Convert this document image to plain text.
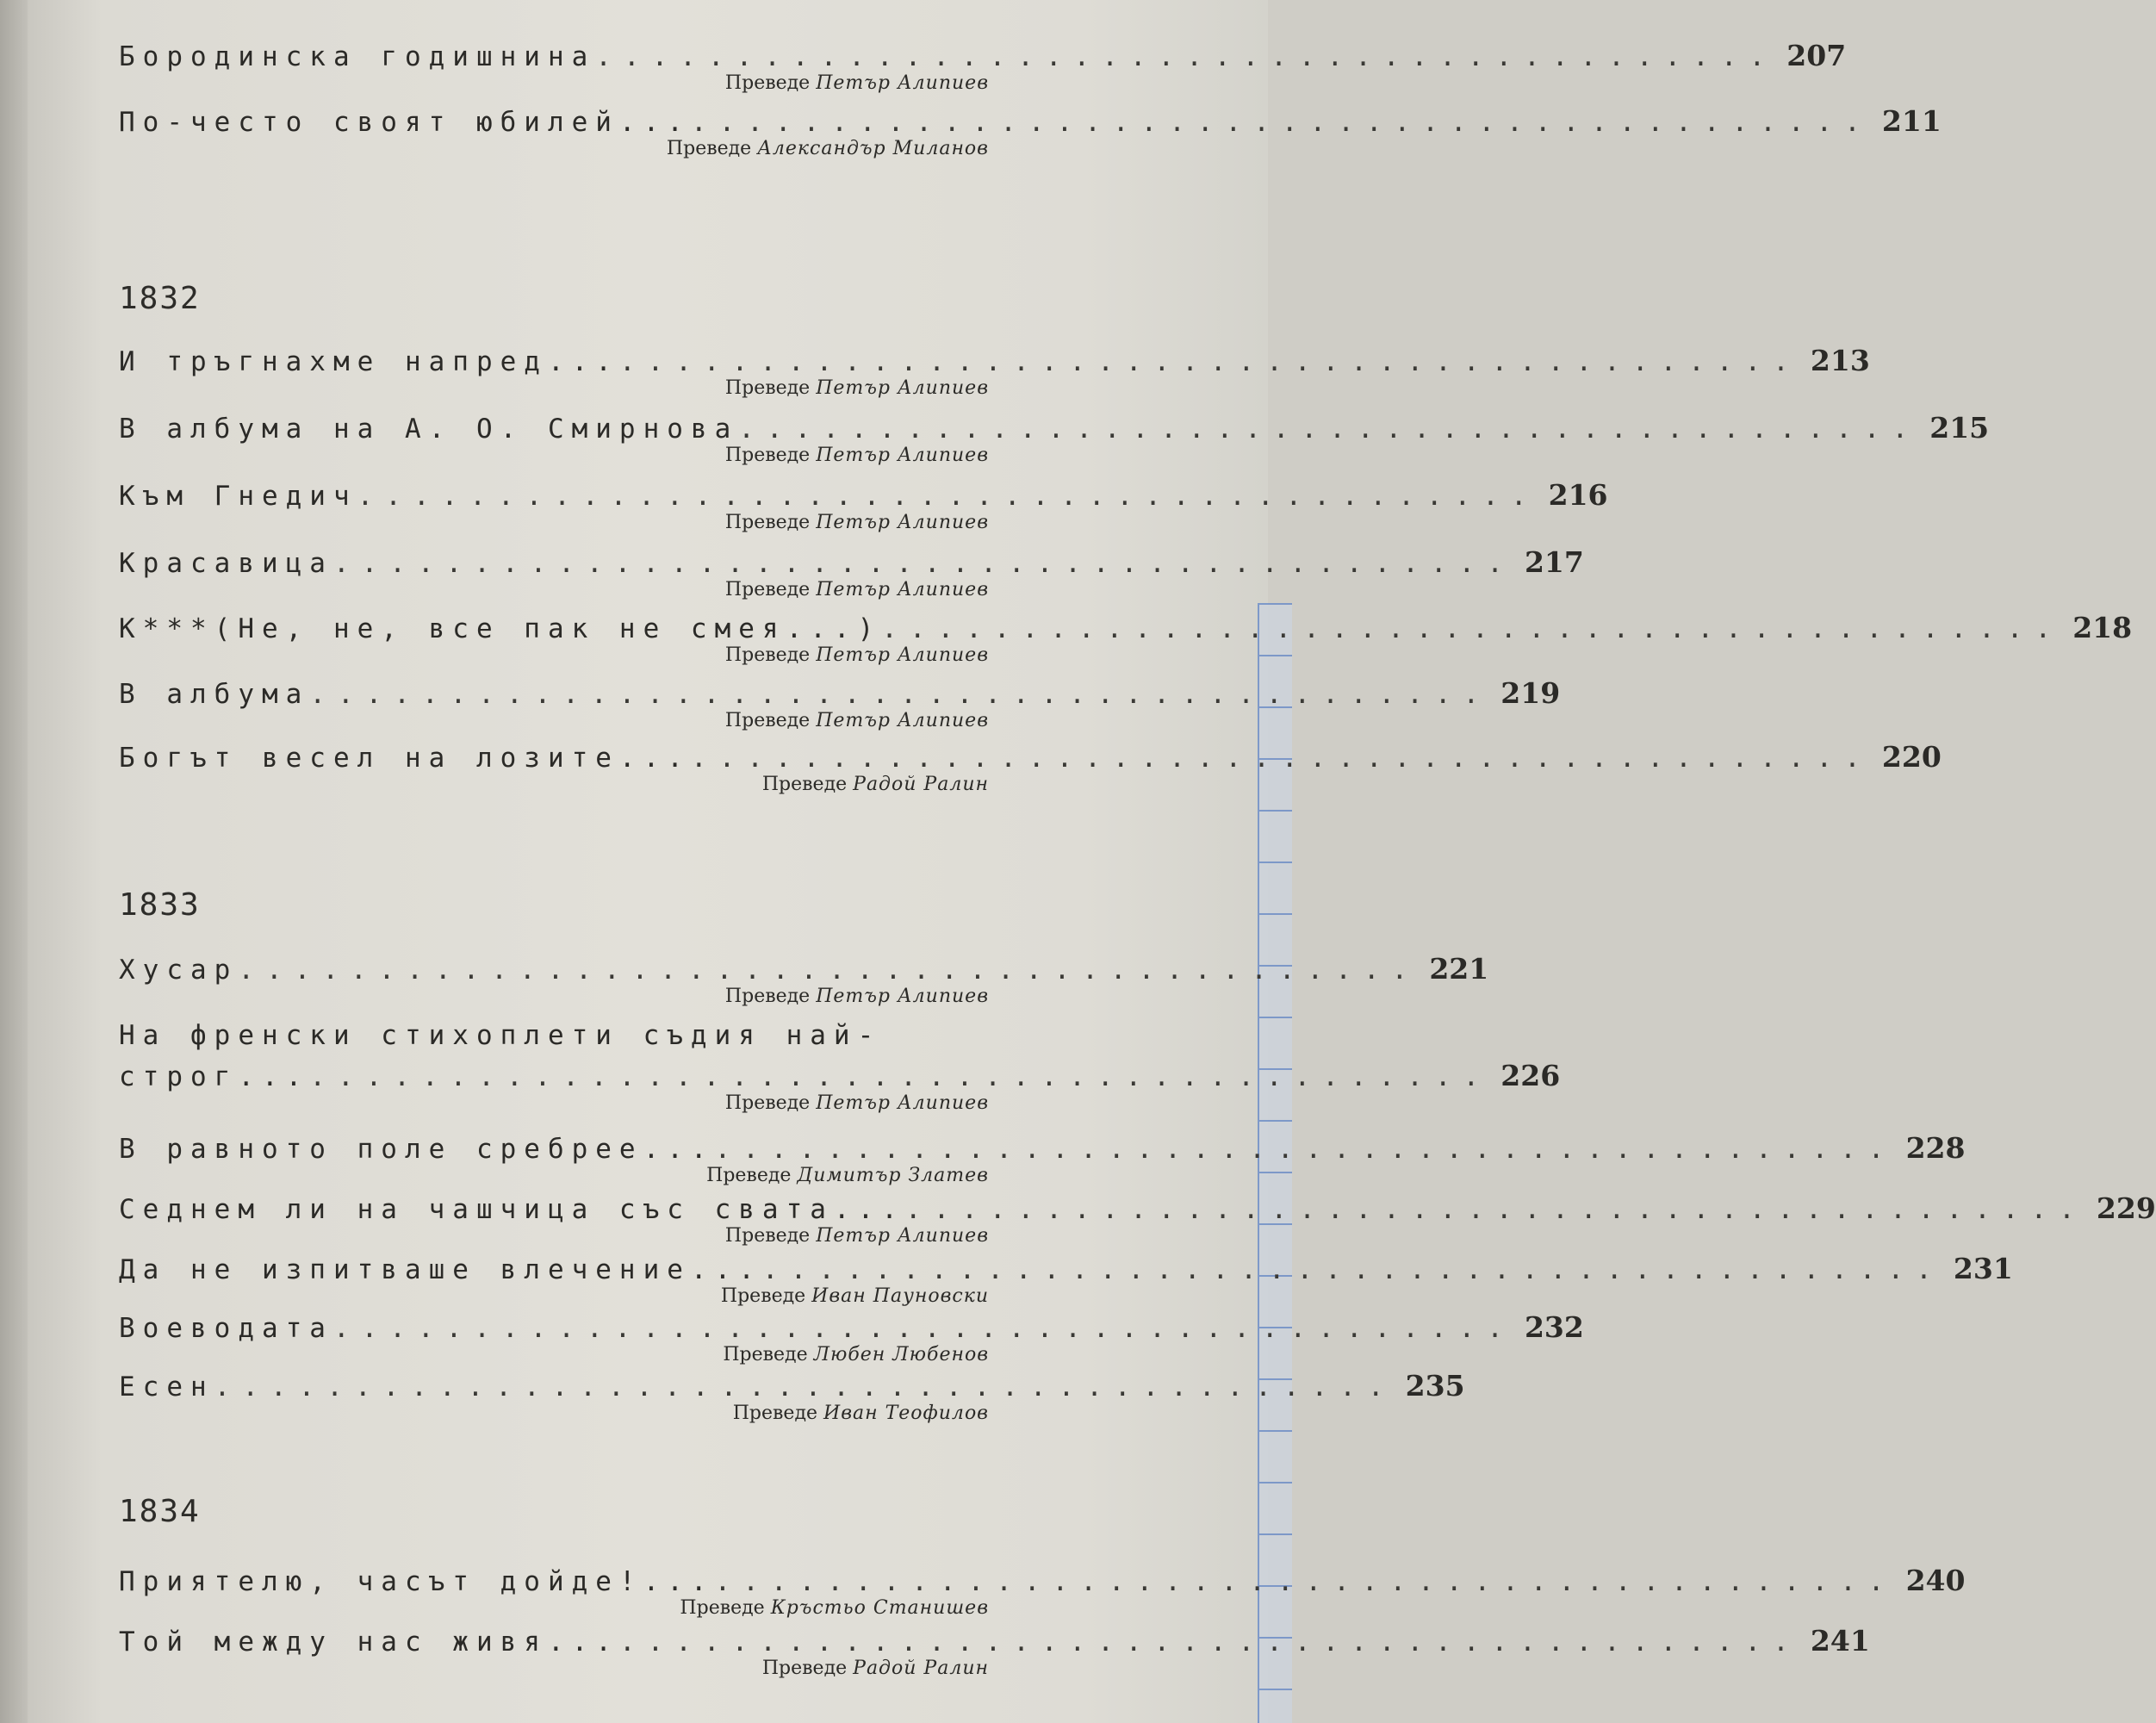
Бородинска годишнина .......................................... 207
Преведе Петър Алипиев
По-често своят юбилей... .......................................... 211
Преведе Александър Миланов
1832
И тръгнахме напред... .......................................... 213
Преведе Петър Алипиев
В албума на А. О. Смирнова .......................................... 215
Преведе Петър Алипиев
Към Гнедич .......................................... 216
Преведе Петър Алипиев
Красавица .......................................... 217
Преведе Петър Алипиев
К***(Не, не, все пак не смея...) .......................................... 218
Преведе Петър Алипиев
В албума .......................................... 219
Преведе Петър Алипиев
Богът весел на лозите... .......................................... 220
Преведе Радой Ралин
1833
Хусар .......................................... 221
Преведе Петър Алипиев
На френски стихоплети съдия най-
строг... .......................................... 226
Преведе Петър Алипиев
В равното поле сребрее... .......................................... 228
Преведе Димитър Златев
Седнем ли на чашчица със свата... .......................................... 229
Преведе Петър Алипиев
Да не изпитваше влечение... .......................................... 231
Преведе Иван Пауновски
Воеводата .......................................... 232
Преведе Любен Любенов
Есен .......................................... 235
Преведе Иван Теофилов
1834
Приятелю, часът дойде!... .......................................... 240
Преведе Кръстьо Станишев
Той между нас живя... .......................................... 241
Преведе Радой Ралин
